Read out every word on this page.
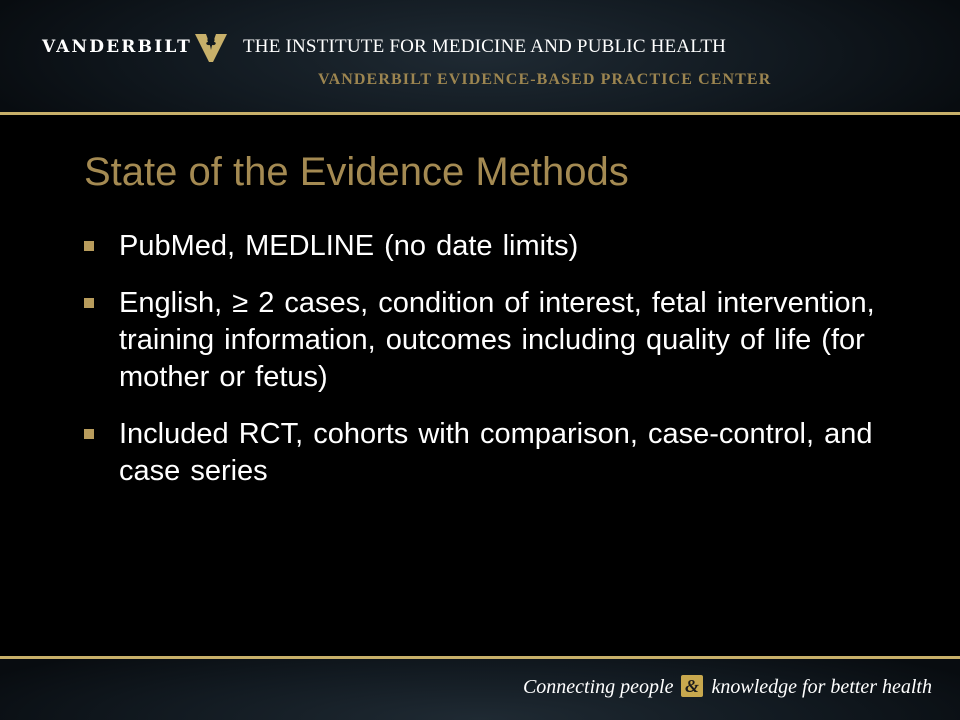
VANDERBILT	THE INSTITUTE FOR MEDICINE AND PUBLIC HEALTH
VANDERBILT EVIDENCE-BASED PRACTICE CENTER
State of the Evidence Methods
PubMed, MEDLINE (no date limits)
English, ≥ 2 cases, condition of interest, fetal intervention, training information, outcomes including quality of life (for mother or fetus)
Included RCT, cohorts with comparison, case-control, and case series
Connecting people & knowledge for better health
